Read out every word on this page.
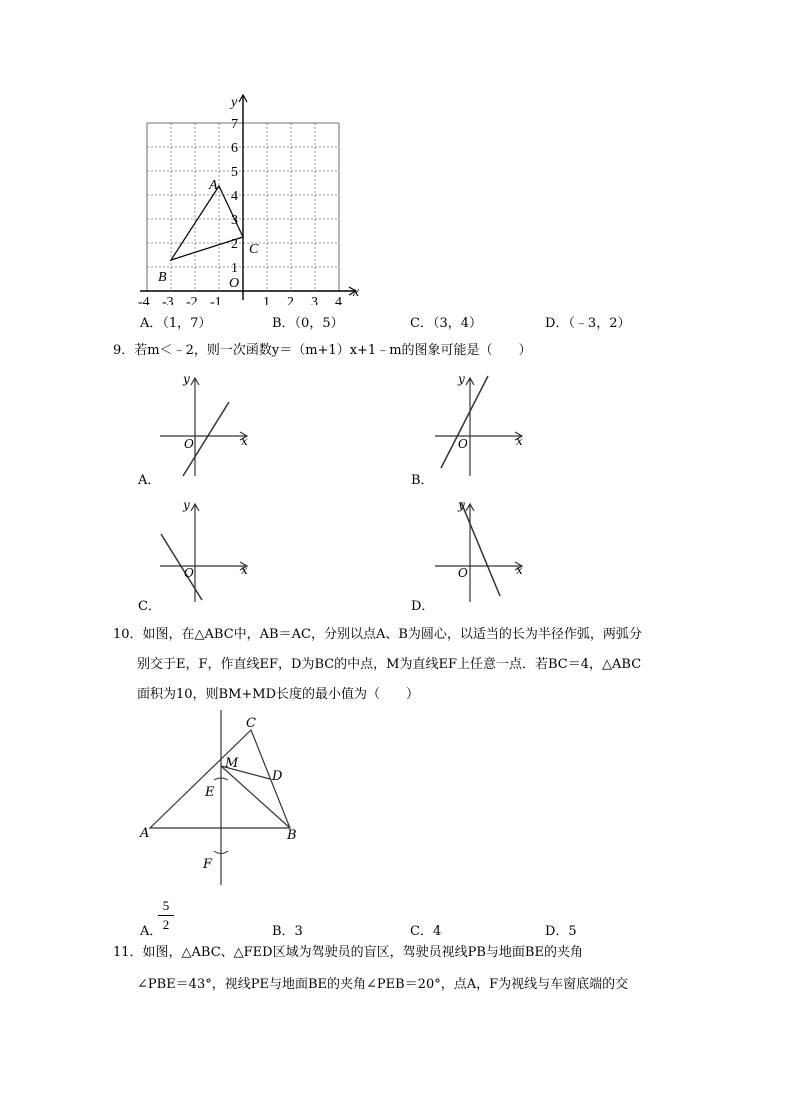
-4 -3 -2 -1	1 2 3 4
1
2
3
4
5
6
7
O
x
y
A
B
C
A．（1，7）	B．（0，5）	C．（3，4）	D．（﹣3，2）
9．若m＜﹣2，则一次函数y＝（m+1）x+1﹣m的图象可能是（　　）
y
x
O
A．
y
x
O
B．
y
x
O
C．
y
x
O
D．
10．如图，在△ABC中，AB＝AC，分别以点A、B为圆心，以适当的长为半径作弧，两弧分
别交于E，F，作直线EF，D为BC的中点，M为直线EF上任意一点．若BC＝4，△ABC
面积为10，则BM+MD长度的最小值为（　　）
C
M
D
E
A	B
F
A．
5
2	B．3	C．4	D．5
11．如图，△ABC、△FED区域为驾驶员的盲区，驾驶员视线PB与地面BE的夹角
∠PBE＝43°，视线PE与地面BE的夹角∠PEB＝20°，点A，F为视线与车窗底端的交
